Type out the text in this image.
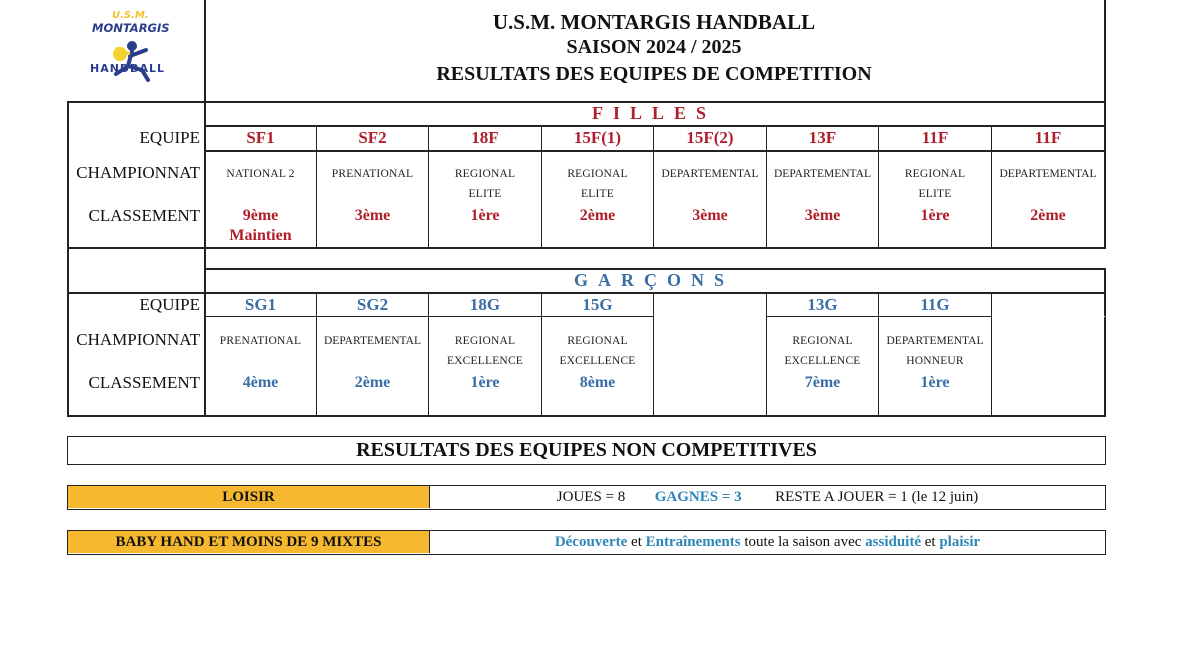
U.S.M.
MONTARGIS
HANDBALL
U.S.M. MONTARGIS HANDBALL
SAISON 2024 / 2025
RESULTATS DES EQUIPES DE COMPETITION
FILLES
GARÇONS
EQUIPE
CHAMPIONNAT
CLASSEMENT
EQUIPE
CHAMPIONNAT
CLASSEMENT
SF1
NATIONAL 2
9ème
Maintien
SF2
PRENATIONAL
3ème
18F
REGIONAL
ELITE
1ère
15F(1)
REGIONAL
ELITE
2ème
15F(2)
DEPARTEMENTAL
3ème
13F
DEPARTEMENTAL
3ème
11F
REGIONAL
ELITE
1ère
11F
DEPARTEMENTAL
2ème
SG1
PRENATIONAL
4ème
SG2
DEPARTEMENTAL
2ème
18G
REGIONAL
EXCELLENCE
1ère
15G
REGIONAL
EXCELLENCE
8ème
13G
REGIONAL
EXCELLENCE
7ème
11G
DEPARTEMENTAL
HONNEUR
1ère
RESULTATS DES EQUIPES NON COMPETITIVES
LOISIR	JOUES = 8 GAGNES = 3 RESTE A JOUER = 1 (le 12 juin)
BABY HAND ET MOINS DE 9 MIXTES	Découverte et Entraînements toute la saison avec assiduité et plaisir
